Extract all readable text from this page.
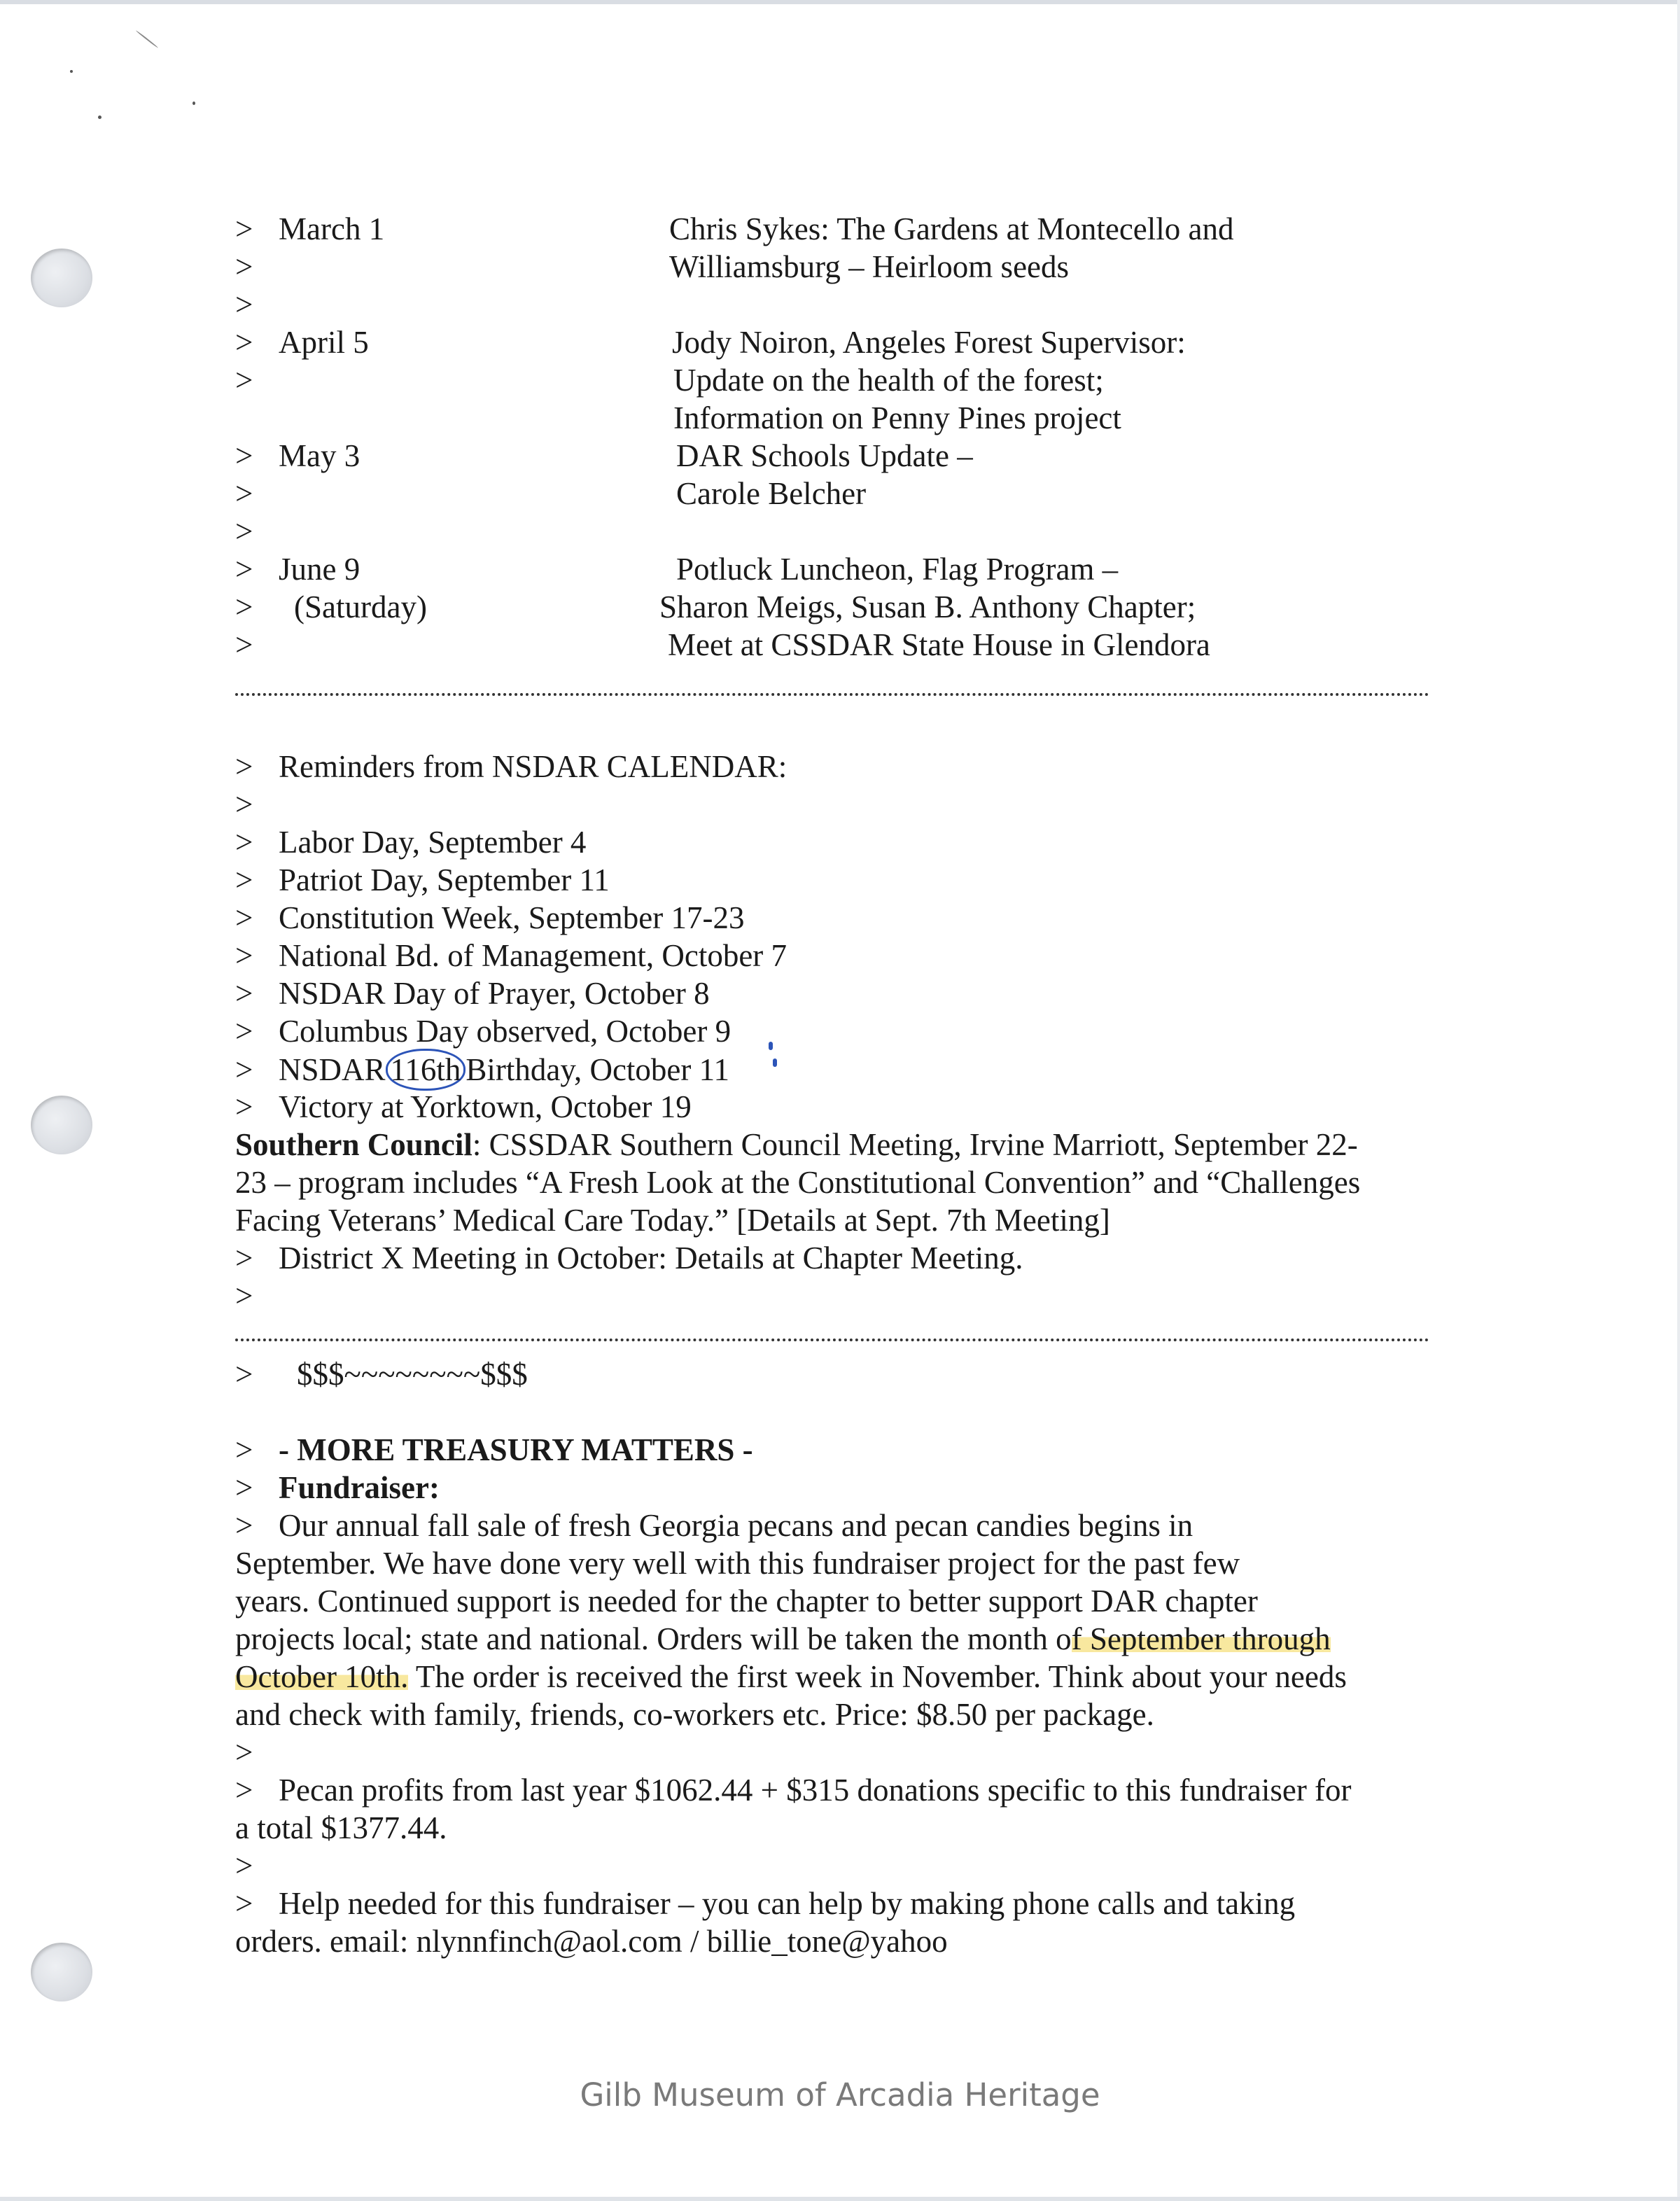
> March 1	Chris Sykes: The Gardens at Montecello and
>	Williamsburg – Heirloom seeds
>
> April 5	Jody Noiron, Angeles Forest Supervisor:
>	Update on the health of the forest;
Information on Penny Pines project
> May 3	DAR Schools Update –
>	Carole Belcher
>
> June 9	Potluck Luncheon, Flag Program –
> (Saturday)	Sharon Meigs, Susan B. Anthony Chapter;
>	Meet at CSSDAR State House in Glendora
> Reminders from NSDAR CALENDAR:
>
> Labor Day, September 4
> Patriot Day, September 11
> Constitution Week, September 17-23
> National Bd. of Management, October 7
> NSDAR Day of Prayer, October 8
> Columbus Day observed, October 9
> NSDAR 116th Birthday, October 11
> Victory at Yorktown, October 19
Southern Council: CSSDAR Southern Council Meeting, Irvine Marriott, September 22-
23 – program includes “A Fresh Look at the Constitutional Convention” and “Challenges
Facing Veterans’ Medical Care Today.” [Details at Sept. 7th Meeting]
> District X Meeting in October: Details at Chapter Meeting.
>
> $$$~~~~~~~~$$$
> - MORE TREASURY MATTERS -
> Fundraiser:
> Our annual fall sale of fresh Georgia pecans and pecan candies begins in
September. We have done very well with this fundraiser project for the past few
years. Continued support is needed for the chapter to better support DAR chapter
projects local; state and national. Orders will be taken the month of September through
October 10th. The order is received the first week in November. Think about your needs
and check with family, friends, co-workers etc. Price: $8.50 per package.
>
> Pecan profits from last year $1062.44 + $315 donations specific to this fundraiser for
a total $1377.44.
>
> Help needed for this fundraiser – you can help by making phone calls and taking
orders. email: nlynnfinch@aol.com / billie_tone@yahoo
Gilb Museum of Arcadia Heritage
